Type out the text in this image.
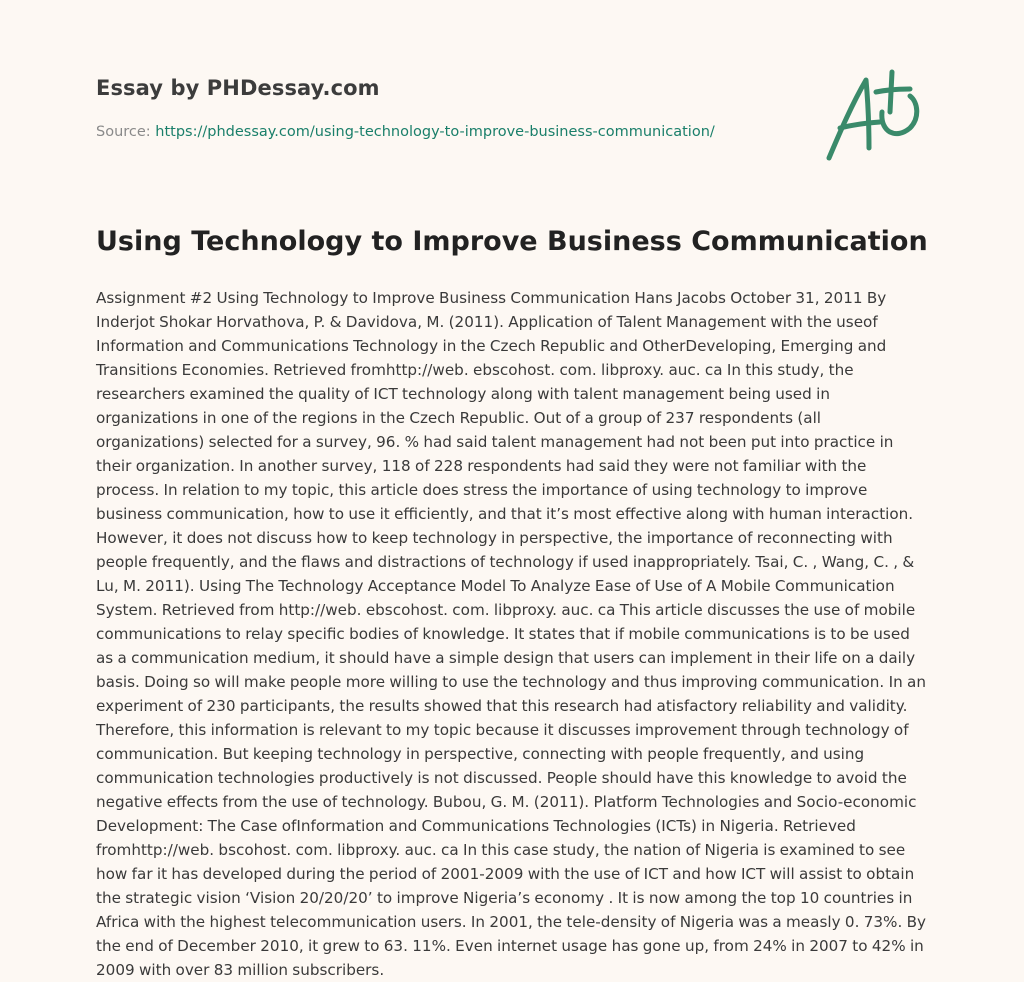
Essay by PHDessay.com
Source: https://phdessay.com/using-technology-to-improve-business-communication/
Using Technology to Improve Business Communication

Assignment #2 Using Technology to Improve Business Communication Hans Jacobs October 31, 2011 By Inderjot Shokar Horvathova, P. & Davidova, M. (2011). Application of Talent Management with the useof Information and Communications Technology in the Czech Republic and OtherDeveloping, Emerging and Transitions Economies. Retrieved fromhttp://web. ebscohost. com. libproxy. auc. ca In this study, the researchers examined the quality of ICT technology along with talent management being used in organizations in one of the regions in the Czech Republic. Out of a group of 237 respondents (all organizations) selected for a survey, 96. % had said talent management had not been put into practice in their organization. In another survey, 118 of 228 respondents had said they were not familiar with the process. In relation to my topic, this article does stress the importance of using technology to improve business communication, how to use it efficiently, and that it’s most effective along with human interaction. However, it does not discuss how to keep technology in perspective, the importance of reconnecting with people frequently, and the flaws and distractions of technology if used inappropriately. Tsai, C. , Wang, C. , & Lu, M. 2011). Using The Technology Acceptance Model To Analyze Ease of Use of A Mobile Communication System. Retrieved from http://web. ebscohost. com. libproxy. auc. ca This article discusses the use of mobile communications to relay specific bodies of knowledge. It states that if mobile communications is to be used as a communication medium, it should have a simple design that users can implement in their life on a daily basis. Doing so will make people more willing to use the technology and thus improving communication. In an experiment of 230 participants, the results showed that this research had atisfactory reliability and validity. Therefore, this information is relevant to my topic because it discusses improvement through technology of communication. But keeping technology in perspective, connecting with people frequently, and using communication technologies productively is not discussed. People should have this knowledge to avoid the negative effects from the use of technology. Bubou, G. M. (2011). Platform Technologies and Socio-economic Development: The Case ofInformation and Communications Technologies (ICTs) in Nigeria. Retrieved fromhttp://web. bscohost. com. libproxy. auc. ca In this case study, the nation of Nigeria is examined to see how far it has developed during the period of 2001-2009 with the use of ICT and how ICT will assist to obtain the strategic vision ‘Vision 20/20/20’ to improve Nigeria’s economy . It is now among the top 10 countries in Africa with the highest telecommunication users. In 2001, the tele-density of Nigeria was a measly 0. 73%. By the end of December 2010, it grew to 63. 11%. Even internet usage has gone up, from 24% in 2007 to 42% in 2009 with over 83 million subscribers.
